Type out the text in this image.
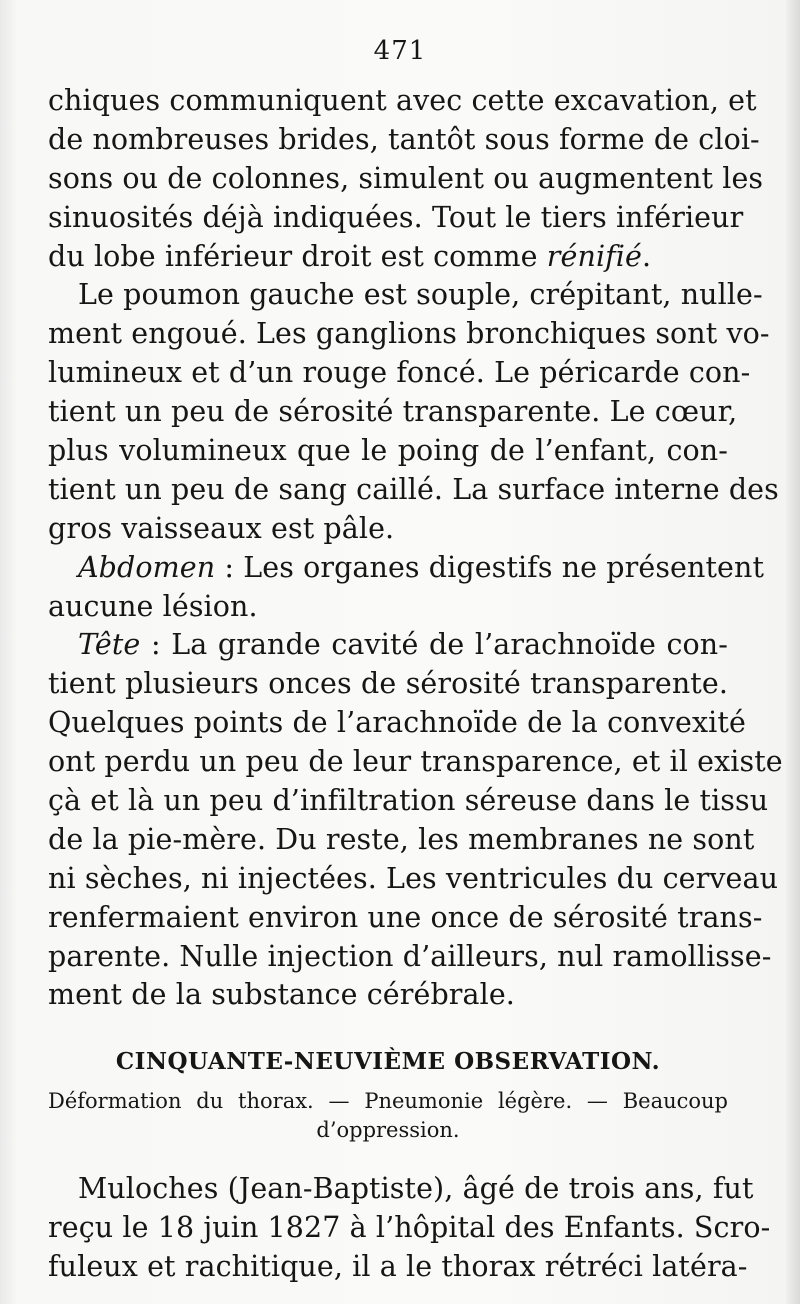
471
chiques communiquent avec cette excavation, et
de nombreuses brides, tantôt sous forme de cloi-
sons ou de colonnes, simulent ou augmentent les
sinuosités déjà indiquées. Tout le tiers inférieur
du lobe inférieur droit est comme rénifié.
Le poumon gauche est souple, crépitant, nulle-
ment engoué. Les ganglions bronchiques sont vo-
lumineux et d’un rouge foncé. Le péricarde con-
tient un peu de sérosité transparente. Le cœur,
plus volumineux que le poing de l’enfant, con-
tient un peu de sang caillé. La surface interne des
gros vaisseaux est pâle.
Abdomen : Les organes digestifs ne présentent
aucune lésion.
Tête : La grande cavité de l’arachnoïde con-
tient plusieurs onces de sérosité transparente.
Quelques points de l’arachnoïde de la convexité
ont perdu un peu de leur transparence, et il existe
çà et là un peu d’infiltration séreuse dans le tissu
de la pie-mère. Du reste, les membranes ne sont
ni sèches, ni injectées. Les ventricules du cerveau
renfermaient environ une once de sérosité trans-
parente. Nulle injection d’ailleurs, nul ramollisse-
ment de la substance cérébrale.
CINQUANTE-NEUVIÈME OBSERVATION.
Déformation du thorax. — Pneumonie légère. — Beaucoup
d’oppression.
Muloches (Jean-Baptiste), âgé de trois ans, fut
reçu le 18 juin 1827 à l’hôpital des Enfants. Scro-
fuleux et rachitique, il a le thorax rétréci latéra-
